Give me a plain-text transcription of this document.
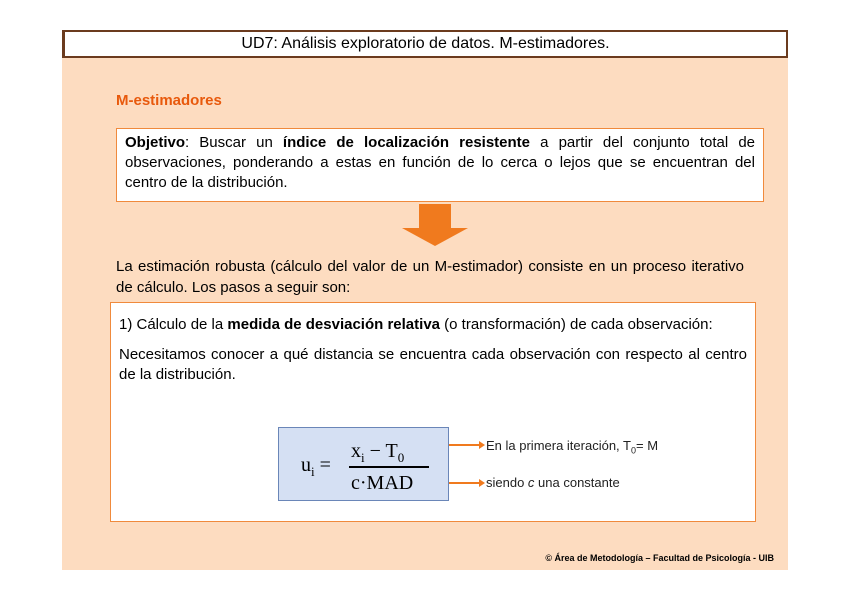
UD7: Análisis exploratorio de datos. M-estimadores.
M-estimadores
Objetivo: Buscar un índice de localización resistente a partir del conjunto total de observaciones, ponderando a estas en función de lo cerca o lejos que se encuentran del centro de la distribución.
La estimación robusta (cálculo del valor de un M-estimador) consiste en un proceso iterativo de cálculo. Los pasos a seguir son:

1) Cálculo de la medida de desviación relativa (o transformación) de cada observación:

Necesitamos conocer a qué distancia se encuentra cada observación con respecto al centro de la distribución.

$u_i$ =
$x_i - T_0$
c·MAD
En la primera iteración, $T_0= M$
siendo c una constante
© Área de Metodología – Facultad de Psicología - UIB
